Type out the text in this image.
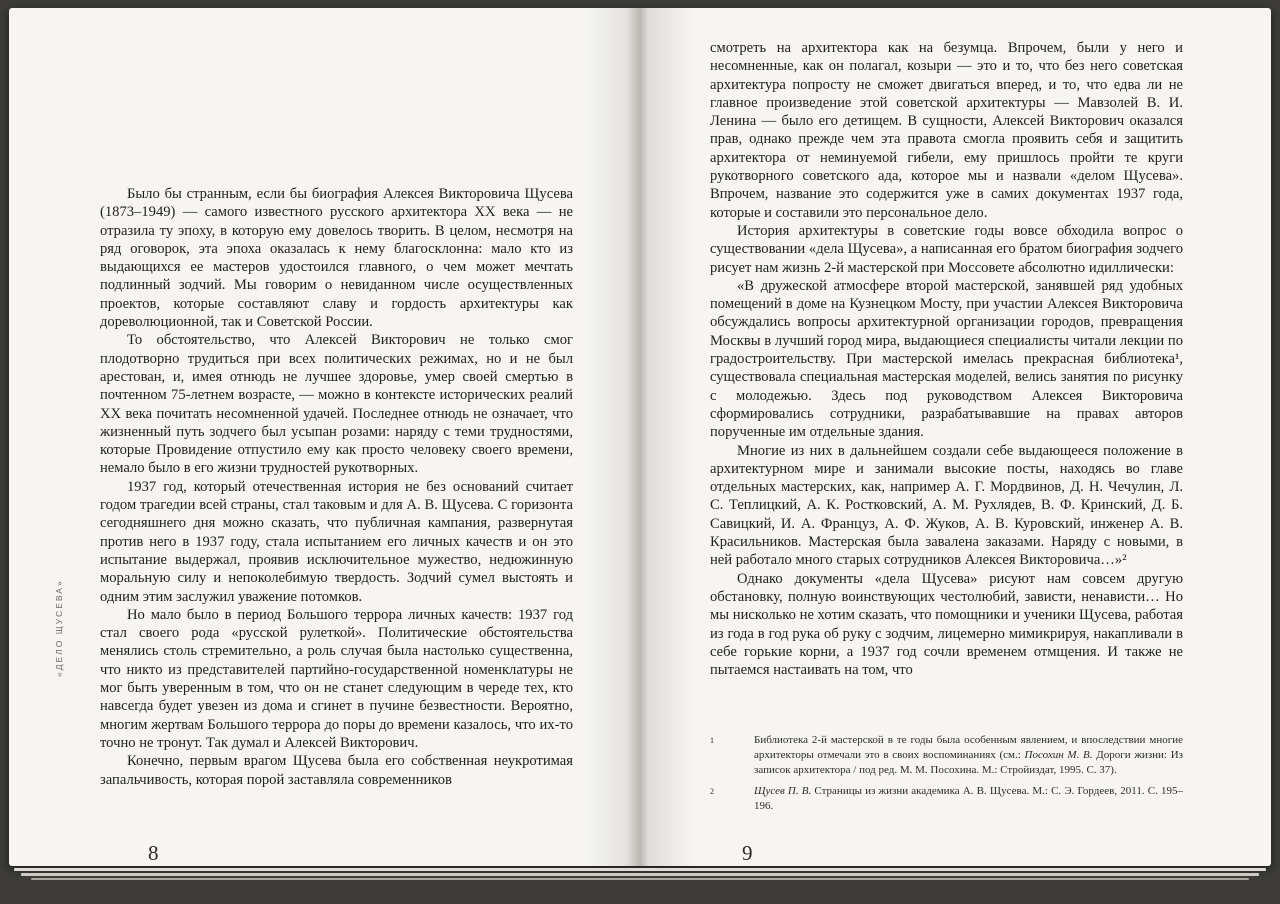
«ДЕЛО ЩУСЕВА»

Было бы странным, если бы биография Алексея Викторовича Щусева (1873–1949) — самого известного русского архитектора XX века — не отразила ту эпоху, в которую ему довелось творить. В целом, несмотря на ряд оговорок, эта эпоха оказалась к нему благосклонна: мало кто из выдающихся ее мастеров удостоился главного, о чем может мечтать подлинный зодчий. Мы говорим о невиданном числе осуществленных проектов, которые составляют славу и гордость архитектуры как дореволюционной, так и Советской России.

То обстоятельство, что Алексей Викторович не только смог плодотворно трудиться при всех политических режимах, но и не был арестован, и, имея отнюдь не лучшее здоровье, умер своей смертью в почтенном 75-летнем возрасте, — можно в контексте исторических реалий XX века почитать несомненной удачей. Последнее отнюдь не означает, что жизненный путь зодчего был усыпан розами: наряду с теми трудностями, которые Провидение отпустило ему как просто человеку своего времени, немало было в его жизни трудностей рукотворных.

1937 год, который отечественная история не без оснований считает годом трагедии всей страны, стал таковым и для А. В. Щусева. С горизонта сегодняшнего дня можно сказать, что публичная кампания, развернутая против него в 1937 году, стала испытанием его личных качеств и он это испытание выдержал, проявив исключительное мужество, недюжинную моральную силу и непоколебимую твердость. Зодчий сумел выстоять и одним этим заслужил уважение потомков.

Но мало было в период Большого террора личных качеств: 1937 год стал своего рода «русской рулеткой». Политические обстоятельства менялись столь стремительно, а роль случая была настолько существенна, что никто из представителей партийно-государственной номенклатуры не мог быть уверенным в том, что он не станет следующим в череде тех, кто навсегда будет увезен из дома и сгинет в пучине безвестности. Вероятно, многим жертвам Большого террора до поры до времени казалось, что их-то точно не тронут. Так думал и Алексей Викторович.

Конечно, первым врагом Щусева была его собственная неукротимая запальчивость, которая порой заставляла современников

8

смотреть на архитектора как на безумца. Впрочем, были у него и несомненные, как он полагал, козыри — это и то, что без него советская архитектура попросту не сможет двигаться вперед, и то, что едва ли не главное произведение этой советской архитектуры — Мавзолей В. И. Ленина — было его детищем. В сущности, Алексей Викторович оказался прав, однако прежде чем эта правота смогла проявить себя и защитить архитектора от неминуемой гибели, ему пришлось пройти те круги рукотворного советского ада, которое мы и назвали «делом Щусева». Впрочем, название это содержится уже в самих документах 1937 года, которые и составили это персональное дело.

История архитектуры в советские годы вовсе обходила вопрос о существовании «дела Щусева», а написанная его братом биография зодчего рисует нам жизнь 2-й мастерской при Моссовете абсолютно идиллически:

«В дружеской атмосфере второй мастерской, занявшей ряд удобных помещений в доме на Кузнецком Мосту, при участии Алексея Викторовича обсуждались вопросы архитектурной организации городов, превращения Москвы в лучший город мира, выдающиеся специалисты читали лекции по градостроительству. При мастерской имелась прекрасная библиотека¹, существовала специальная мастерская моделей, велись занятия по рисунку с молодежью. Здесь под руководством Алексея Викторовича сформировались сотрудники, разрабатывавшие на правах авторов порученные им отдельные здания.

Многие из них в дальнейшем создали себе выдающееся положение в архитектурном мире и занимали высокие посты, находясь во главе отдельных мастерских, как, например А. Г. Мордвинов, Д. Н. Чечулин, Л. С. Теплицкий, А. К. Ростковский, А. М. Рухлядев, В. Ф. Кринский, Д. Б. Савицкий, И. А. Француз, А. Ф. Жуков, А. В. Куровский, инженер А. В. Красильников. Мастерская была завалена заказами. Наряду с новыми, в ней работало много старых сотрудников Алексея Викторовича…»²

Однако документы «дела Щусева» рисуют нам совсем другую обстановку, полную воинствующих честолюбий, зависти, ненависти… Но мы нисколько не хотим сказать, что помощники и ученики Щусева, работая из года в год рука об руку с зодчим, лицемерно мимикрируя, накапливали в себе горькие корни, а 1937 год сочли временем отмщения. И также не пытаемся настаивать на том, что

1	Библиотека 2-й мастерской в те годы была особенным явлением, и впоследствии многие архитекторы отмечали это в своих воспоминаниях (см.: Посохин М. В. Дороги жизни: Из записок архитектора / под ред. М. М. Посохина. М.: Стройиздат, 1995. С. 37).
2	Щусев П. В. Страницы из жизни академика А. В. Щусева. М.: С. Э. Гордеев, 2011. С. 195–196.
9
